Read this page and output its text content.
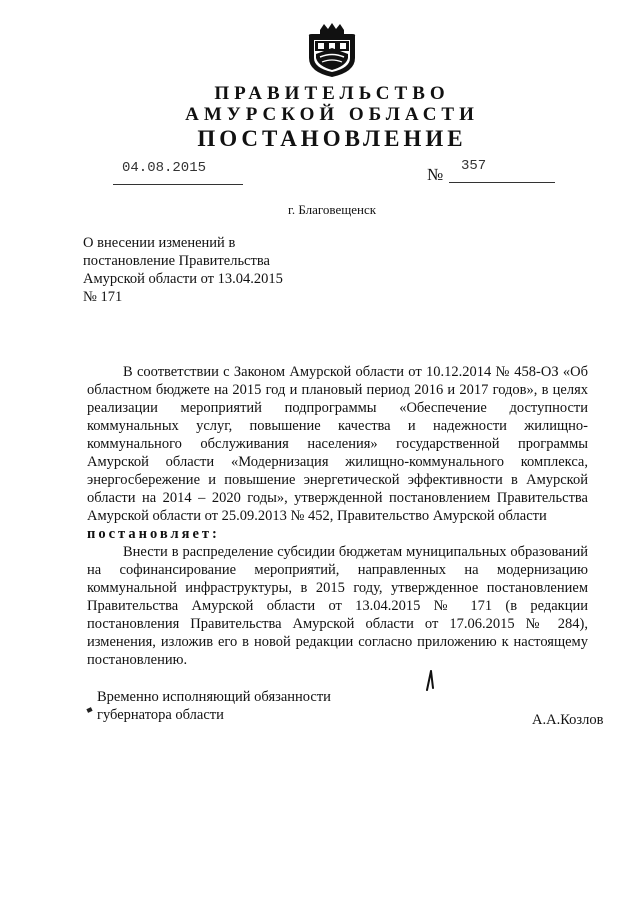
ПРАВИТЕЛЬСТВО
АМУРСКОЙ ОБЛАСТИ
ПОСТАНОВЛЕНИЕ
04.08.2015	№ 357
г. Благовещенск
О внесении изменений в
постановление Правительства
Амурской области от 13.04.2015
№ 171

В соответствии с Законом Амурской области от 10.12.2014 № 458-ОЗ «Об областном бюджете на 2015 год и плановый период 2016 и 2017 годов», в целях реализации мероприятий подпрограммы «Обеспечение доступности коммунальных услуг, повышение качества и надежности жилищно-коммунального обслуживания населения» государственной программы Амурской области «Модернизация жилищно-коммунального комплекса, энергосбережение и повышение энергетической эффективности в Амурской области на 2014 – 2020 годы», утвержденной постановлением Правительства Амурской области от 25.09.2013 № 452, Правительство Амурской области

постановляет:

Внести в распределение субсидии бюджетам муниципальных образований на софинансирование мероприятий, направленных на модернизацию коммунальной инфраструктуры, в 2015 году, утвержденное постановлением Правительства Амурской области от 13.04.2015 № 171 (в редакции постановления Правительства Амурской области от 17.06.2015 № 284), изменения, изложив его в новой редакции согласно приложению к настоящему постановлению.

Временно исполняющий обязанности
губернатора области	А.А.Козлов
